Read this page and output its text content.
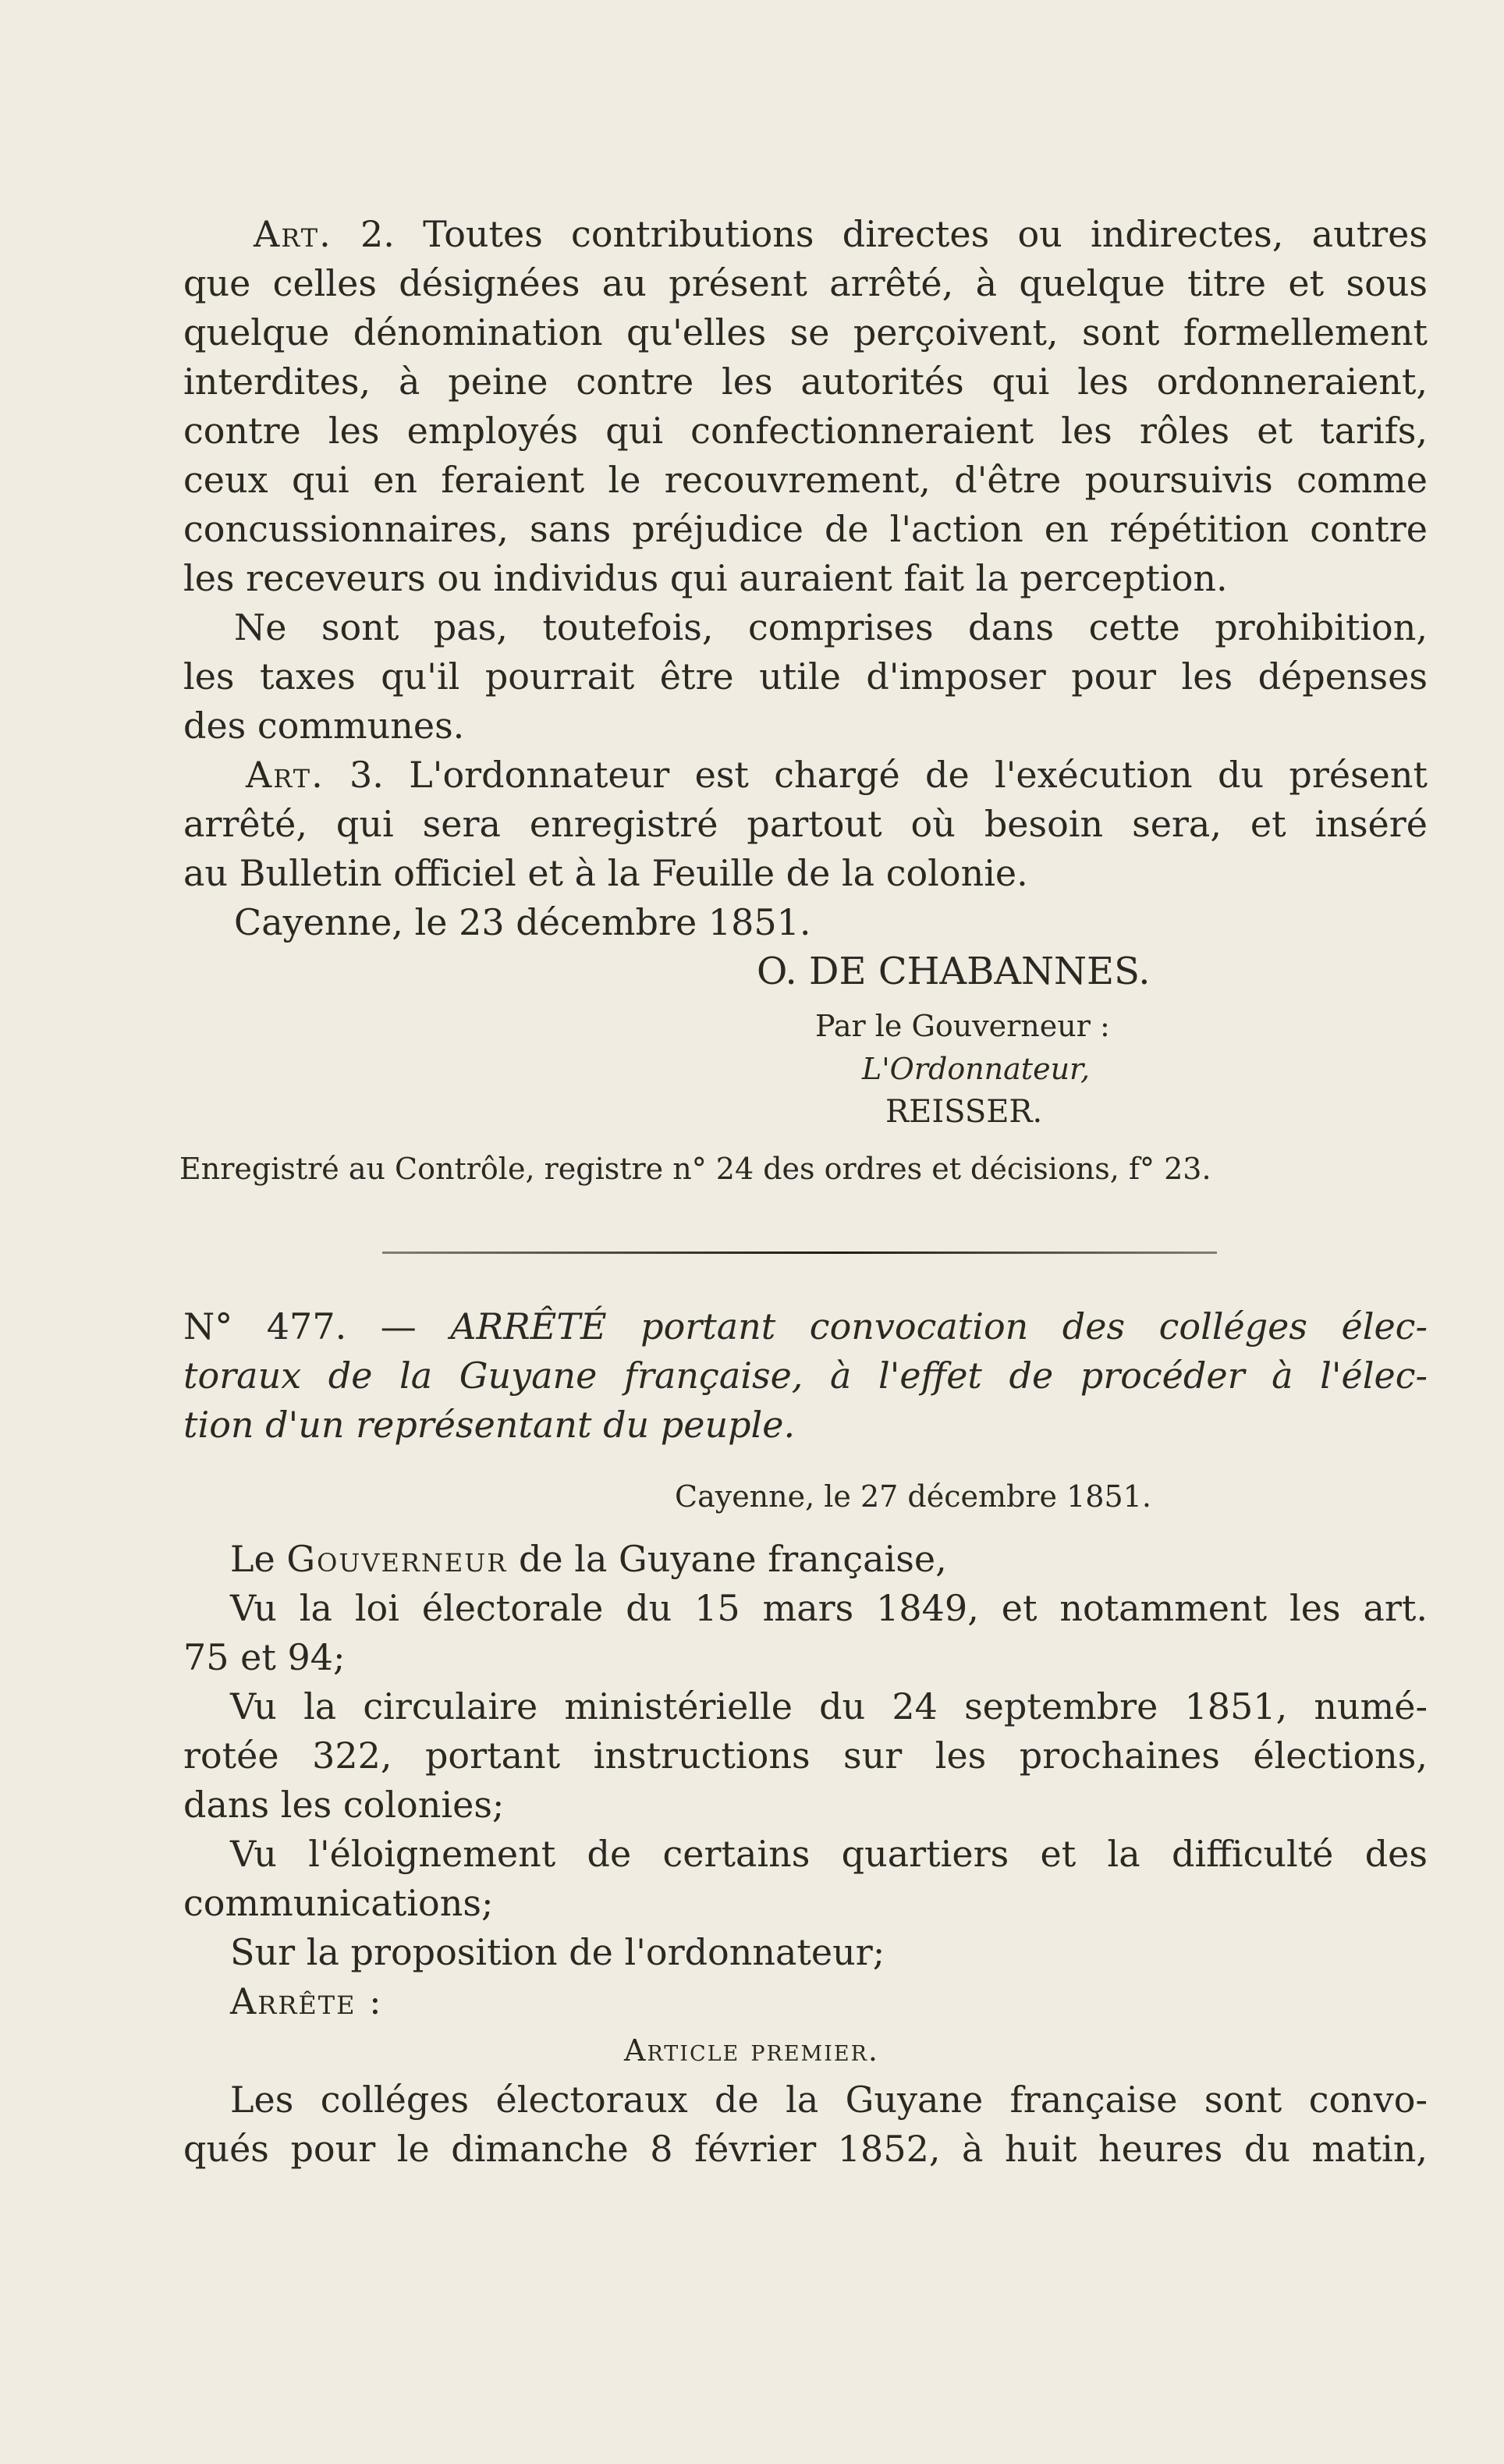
Art. 2. Toutes contributions directes ou indirectes, autres
que celles désignées au présent arrêté, à quelque titre et sous
quelque dénomination qu'elles se perçoivent, sont formellement
interdites, à peine contre les autorités qui les ordonneraient,
contre les employés qui confectionneraient les rôles et tarifs,
ceux qui en feraient le recouvrement, d'être poursuivis comme
concussionnaires, sans préjudice de l'action en répétition contre
les receveurs ou individus qui auraient fait la perception.
Ne sont pas, toutefois, comprises dans cette prohibition,
les taxes qu'il pourrait être utile d'imposer pour les dépenses
des communes.
Art. 3. L'ordonnateur est chargé de l'exécution du présent
arrêté, qui sera enregistré partout où besoin sera, et inséré
au Bulletin officiel et à la Feuille de la colonie.
Cayenne, le 23 décembre 1851.
O. DE CHABANNES.
Par le Gouverneur :
L'Ordonnateur,
REISSER.
Enregistré au Contrôle, registre n° 24 des ordres et décisions, f° 23.
N° 477. — ARRÊTÉ portant convocation des colléges élec-
toraux de la Guyane française, à l'effet de procéder à l'élec-
tion d'un représentant du peuple.
Cayenne, le 27 décembre 1851.
Le Gouverneur de la Guyane française,
Vu la loi électorale du 15 mars 1849, et notamment les art.
75 et 94;
Vu la circulaire ministérielle du 24 septembre 1851, numé-
rotée 322, portant instructions sur les prochaines élections,
dans les colonies;
Vu l'éloignement de certains quartiers et la difficulté des
communications;
Sur la proposition de l'ordonnateur;
Arrête :
Article premier.
Les colléges électoraux de la Guyane française sont convo-
qués pour le dimanche 8 février 1852, à huit heures du matin,
